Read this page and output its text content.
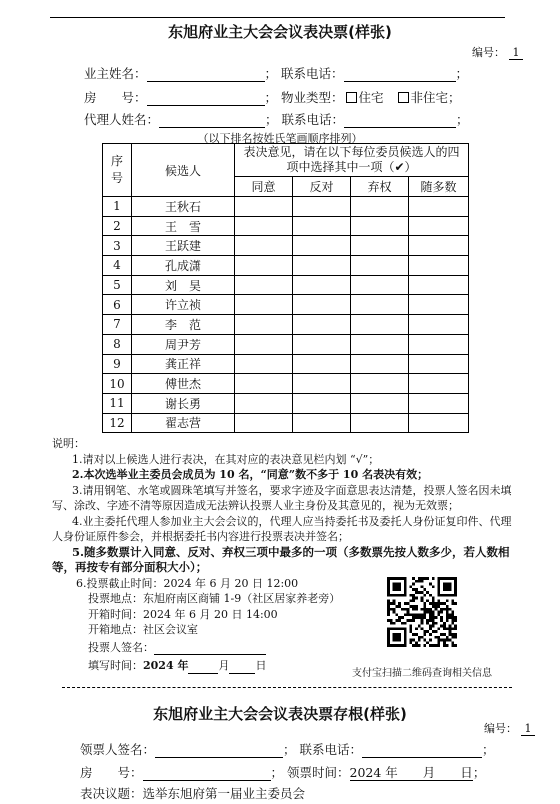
东旭府业主大会会议表决票(样张)
编号： 1
业主姓名：	； 联系电话：	；
房　　号：	； 物业类型： 住宅 非住宅；
代理人姓名：	； 联系电话：	；
（以下排名按姓氏笔画顺序排列）
序号	候选人	表决意见，请在以下每位委员候选人的四项中选择其中一项（✔）			
		同意	反对	弃权	随多数
1	王秋石				
2	王　雪				
3	王跃建				
4	孔成潇				
5	刘　昊				
6	许立祯				
7	李　范				
8	周尹芳				
9	龚正祥				
10	傅世杰				
11	谢长勇				
12	翟志营				

说明：

1.请对以上候选人进行表决，在其对应的表决意见栏内划 “√”；

2.本次选举业主委员会成员为 10 名，“同意”数不多于 10 名表决有效；

3.请用钢笔、水笔或圆珠笔填写并签名，要求字迹及字面意思表达清楚，投票人签名因未填写、涂改、字迹不清等原因造成无法辨认投票人业主身份及其意见的，视为无效票；

4.业主委托代理人参加业主大会会议的，代理人应当持委托书及委托人身份证复印件、代理人身份证原件参会，并根据委托书内容进行投票表决并签名；

5.随多数票计入同意、反对、弃权三项中最多的一项（多数票先按人数多少，若人数相等，再按专有部分面积大小）；

6.投票截止时间：2024 年 6 月 20 日 12:00

投票地点：东旭府南区商铺 1-9（社区居家养老旁）

开箱时间：2024 年 6 月 20 日 14:00

开箱地点：社区会议室

投票人签名：

填写时间：2024 年	月 日

支付宝扫描二维码查询相关信息
东旭府业主大会会议表决票存根(样张)
编号： 1
领票人签名：	； 联系电话：	；
房　　号：	； 领票时间：2024 年　　月　　日；
表决议题：选举东旭府第一届业主委员会
